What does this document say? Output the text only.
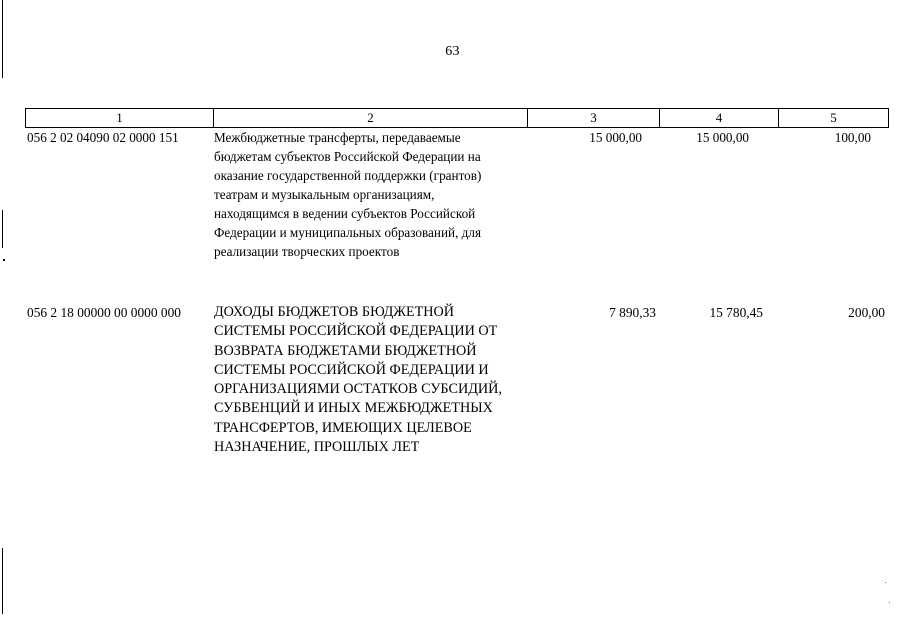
63
1	2	3	4	5
056 2 02 04090 02 0000 151	Межбюджетные трансферты, передаваемые
бюджетам субъектов Российской Федерации на
оказание государственной поддержки (грантов)
театрам и музыкальным организациям,
находящимся в ведении субъектов Российской
Федерации и муниципальных образований, для
реализации творческих проектов
15 000,00	15 000,00	100,00
056 2 18 00000 00 0000 000	ДОХОДЫ БЮДЖЕТОВ БЮДЖЕТНОЙ
СИСТЕМЫ РОССИЙСКОЙ ФЕДЕРАЦИИ ОТ
ВОЗВРАТА БЮДЖЕТАМИ БЮДЖЕТНОЙ
СИСТЕМЫ РОССИЙСКОЙ ФЕДЕРАЦИИ И
ОРГАНИЗАЦИЯМИ ОСТАТКОВ СУБСИДИЙ,
СУБВЕНЦИЙ И ИНЫХ МЕЖБЮДЖЕТНЫХ
ТРАНСФЕРТОВ, ИМЕЮЩИХ ЦЕЛЕВОЕ
НАЗНАЧЕНИЕ, ПРОШЛЫХ ЛЕТ
7 890,33	15 780,45	200,00
